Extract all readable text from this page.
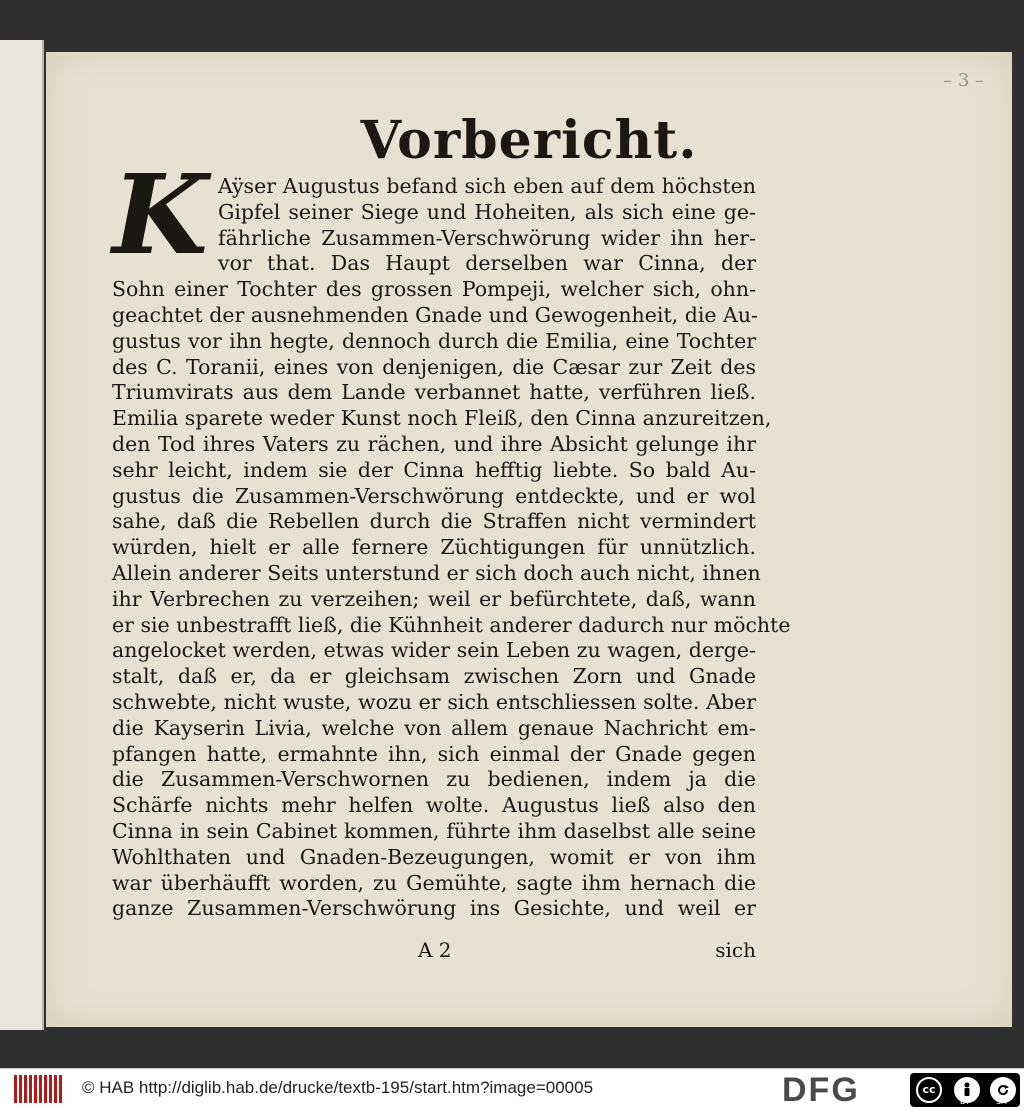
– 3 –
Vorbericht.
K Aÿser Augustus befand sich eben auf dem höchsten
Gipfel seiner Siege und Hoheiten, als sich eine ge-
fährliche Zusammen-Verschwörung wider ihn her-
vor that. Das Haupt derselben war Cinna, der
Sohn einer Tochter des grossen Pompeji, welcher sich, ohn-
geachtet der ausnehmenden Gnade und Gewogenheit, die Au-
gustus vor ihn hegte, dennoch durch die Emilia, eine Tochter
des C. Toranii, eines von denjenigen, die Cæsar zur Zeit des
Triumvirats aus dem Lande verbannet hatte, verführen ließ.
Emilia sparete weder Kunst noch Fleiß, den Cinna anzureitzen,
den Tod ihres Vaters zu rächen, und ihre Absicht gelunge ihr
sehr leicht, indem sie der Cinna hefftig liebte. So bald Au-
gustus die Zusammen-Verschwörung entdeckte, und er wol
sahe, daß die Rebellen durch die Straffen nicht vermindert
würden, hielt er alle fernere Züchtigungen für unnützlich.
Allein anderer Seits unterstund er sich doch auch nicht, ihnen
ihr Verbrechen zu verzeihen; weil er befürchtete, daß, wann
er sie unbestrafft ließ, die Kühnheit anderer dadurch nur möchte
angelocket werden, etwas wider sein Leben zu wagen, derge-
stalt, daß er, da er gleichsam zwischen Zorn und Gnade
schwebte, nicht wuste, wozu er sich entschliessen solte. Aber
die Kayserin Livia, welche von allem genaue Nachricht em-
pfangen hatte, ermahnte ihn, sich einmal der Gnade gegen
die Zusammen-Verschwornen zu bedienen, indem ja die
Schärfe nichts mehr helfen wolte. Augustus ließ also den
Cinna in sein Cabinet kommen, führte ihm daselbst alle seine
Wohlthaten und Gnaden-Bezeugungen, womit er von ihm
war überhäufft worden, zu Gemühte, sagte ihm hernach die
ganze Zusammen-Verschwörung ins Gesichte, und weil er
A 2	sich
© HAB http://diglib.hab.de/drucke/textb-195/start.htm?image=00005	DFG	cc
BY	SA
